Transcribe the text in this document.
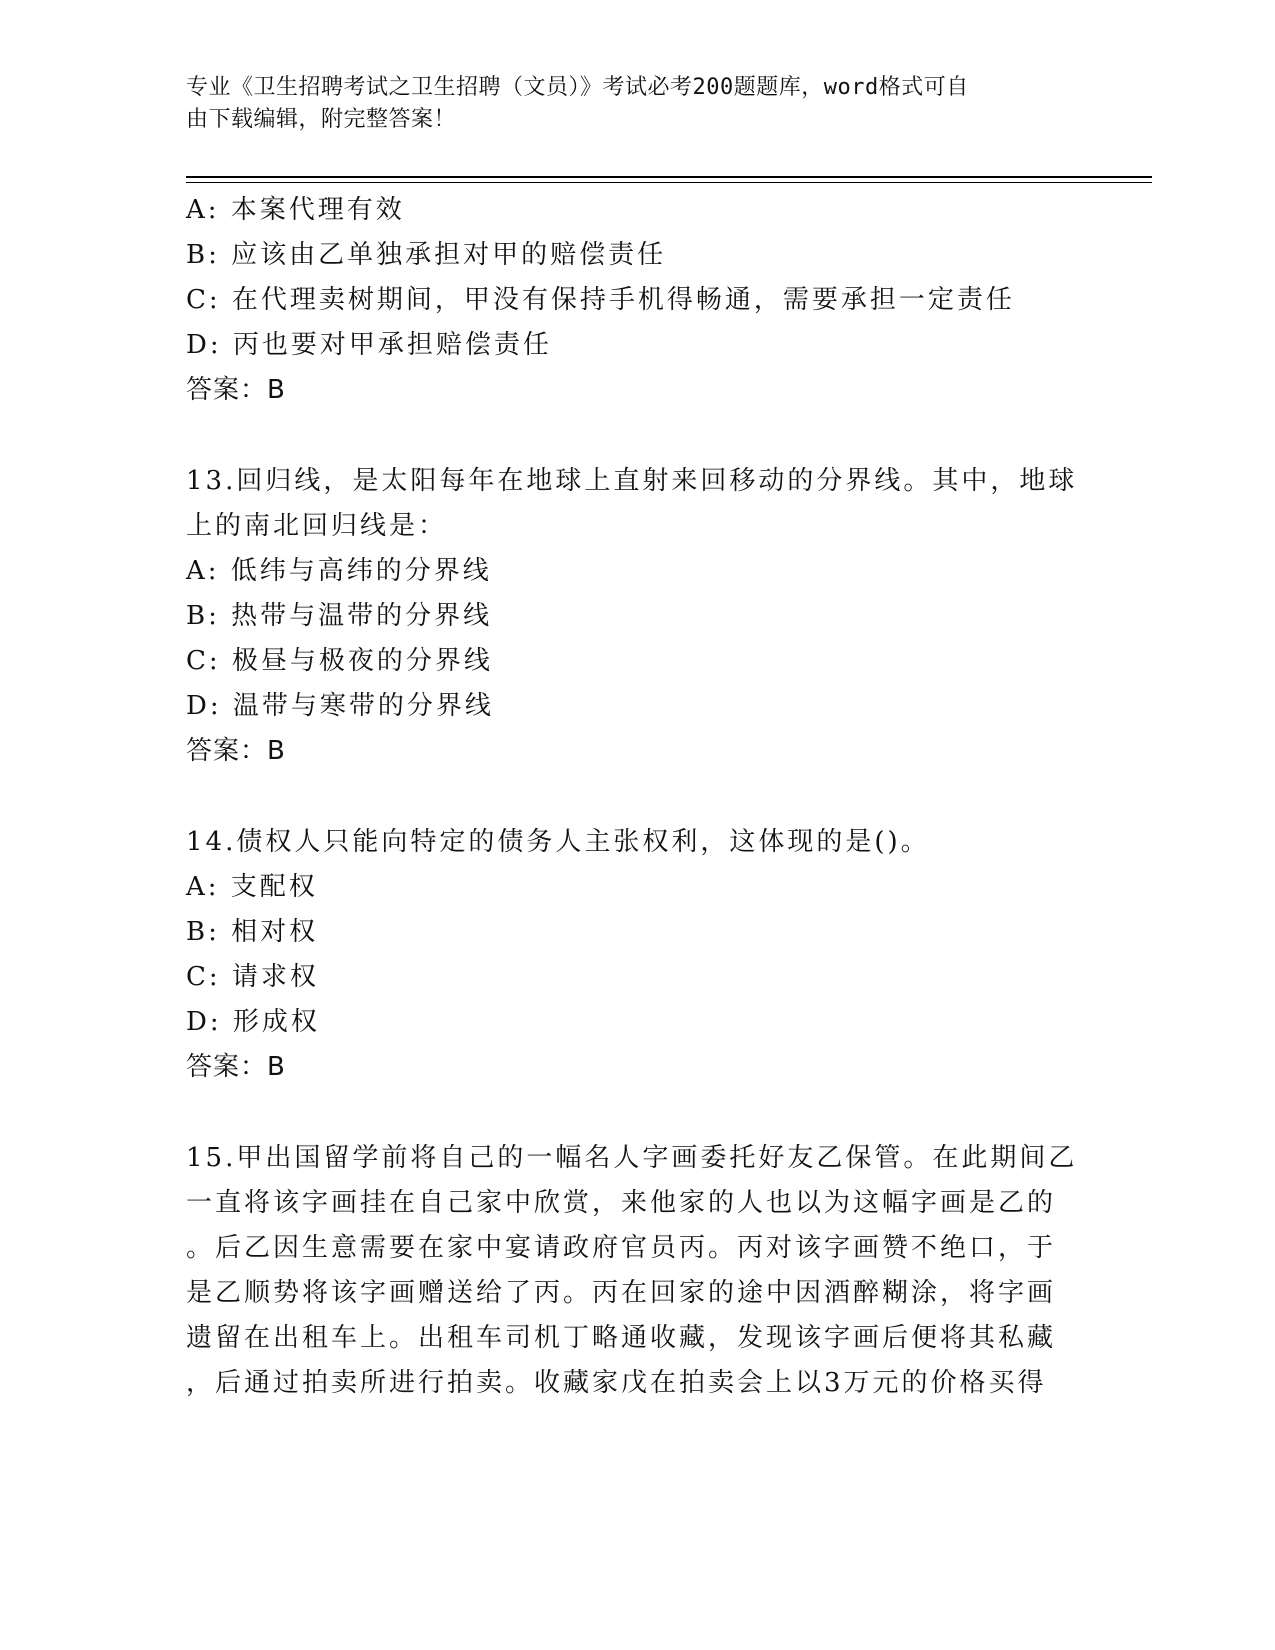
专业《卫生招聘考试之卫生招聘（文员）》考试必考200题题库，word格式可自
由下载编辑，附完整答案！
A: 本案代理有效
B: 应该由乙单独承担对甲的赔偿责任
C: 在代理卖树期间，甲没有保持手机得畅通，需要承担一定责任
D: 丙也要对甲承担赔偿责任
答案：B
13.回归线，是太阳每年在地球上直射来回移动的分界线。其中，地球
上的南北回归线是：
A: 低纬与高纬的分界线
B: 热带与温带的分界线
C: 极昼与极夜的分界线
D: 温带与寒带的分界线
答案：B
14.债权人只能向特定的债务人主张权利，这体现的是()。
A: 支配权
B: 相对权
C: 请求权
D: 形成权
答案：B
15.甲出国留学前将自己的一幅名人字画委托好友乙保管。在此期间乙
一直将该字画挂在自己家中欣赏，来他家的人也以为这幅字画是乙的
。后乙因生意需要在家中宴请政府官员丙。丙对该字画赞不绝口，于
是乙顺势将该字画赠送给了丙。丙在回家的途中因酒醉糊涂，将字画
遗留在出租车上。出租车司机丁略通收藏，发现该字画后便将其私藏
，后通过拍卖所进行拍卖。收藏家戊在拍卖会上以3万元的价格买得
